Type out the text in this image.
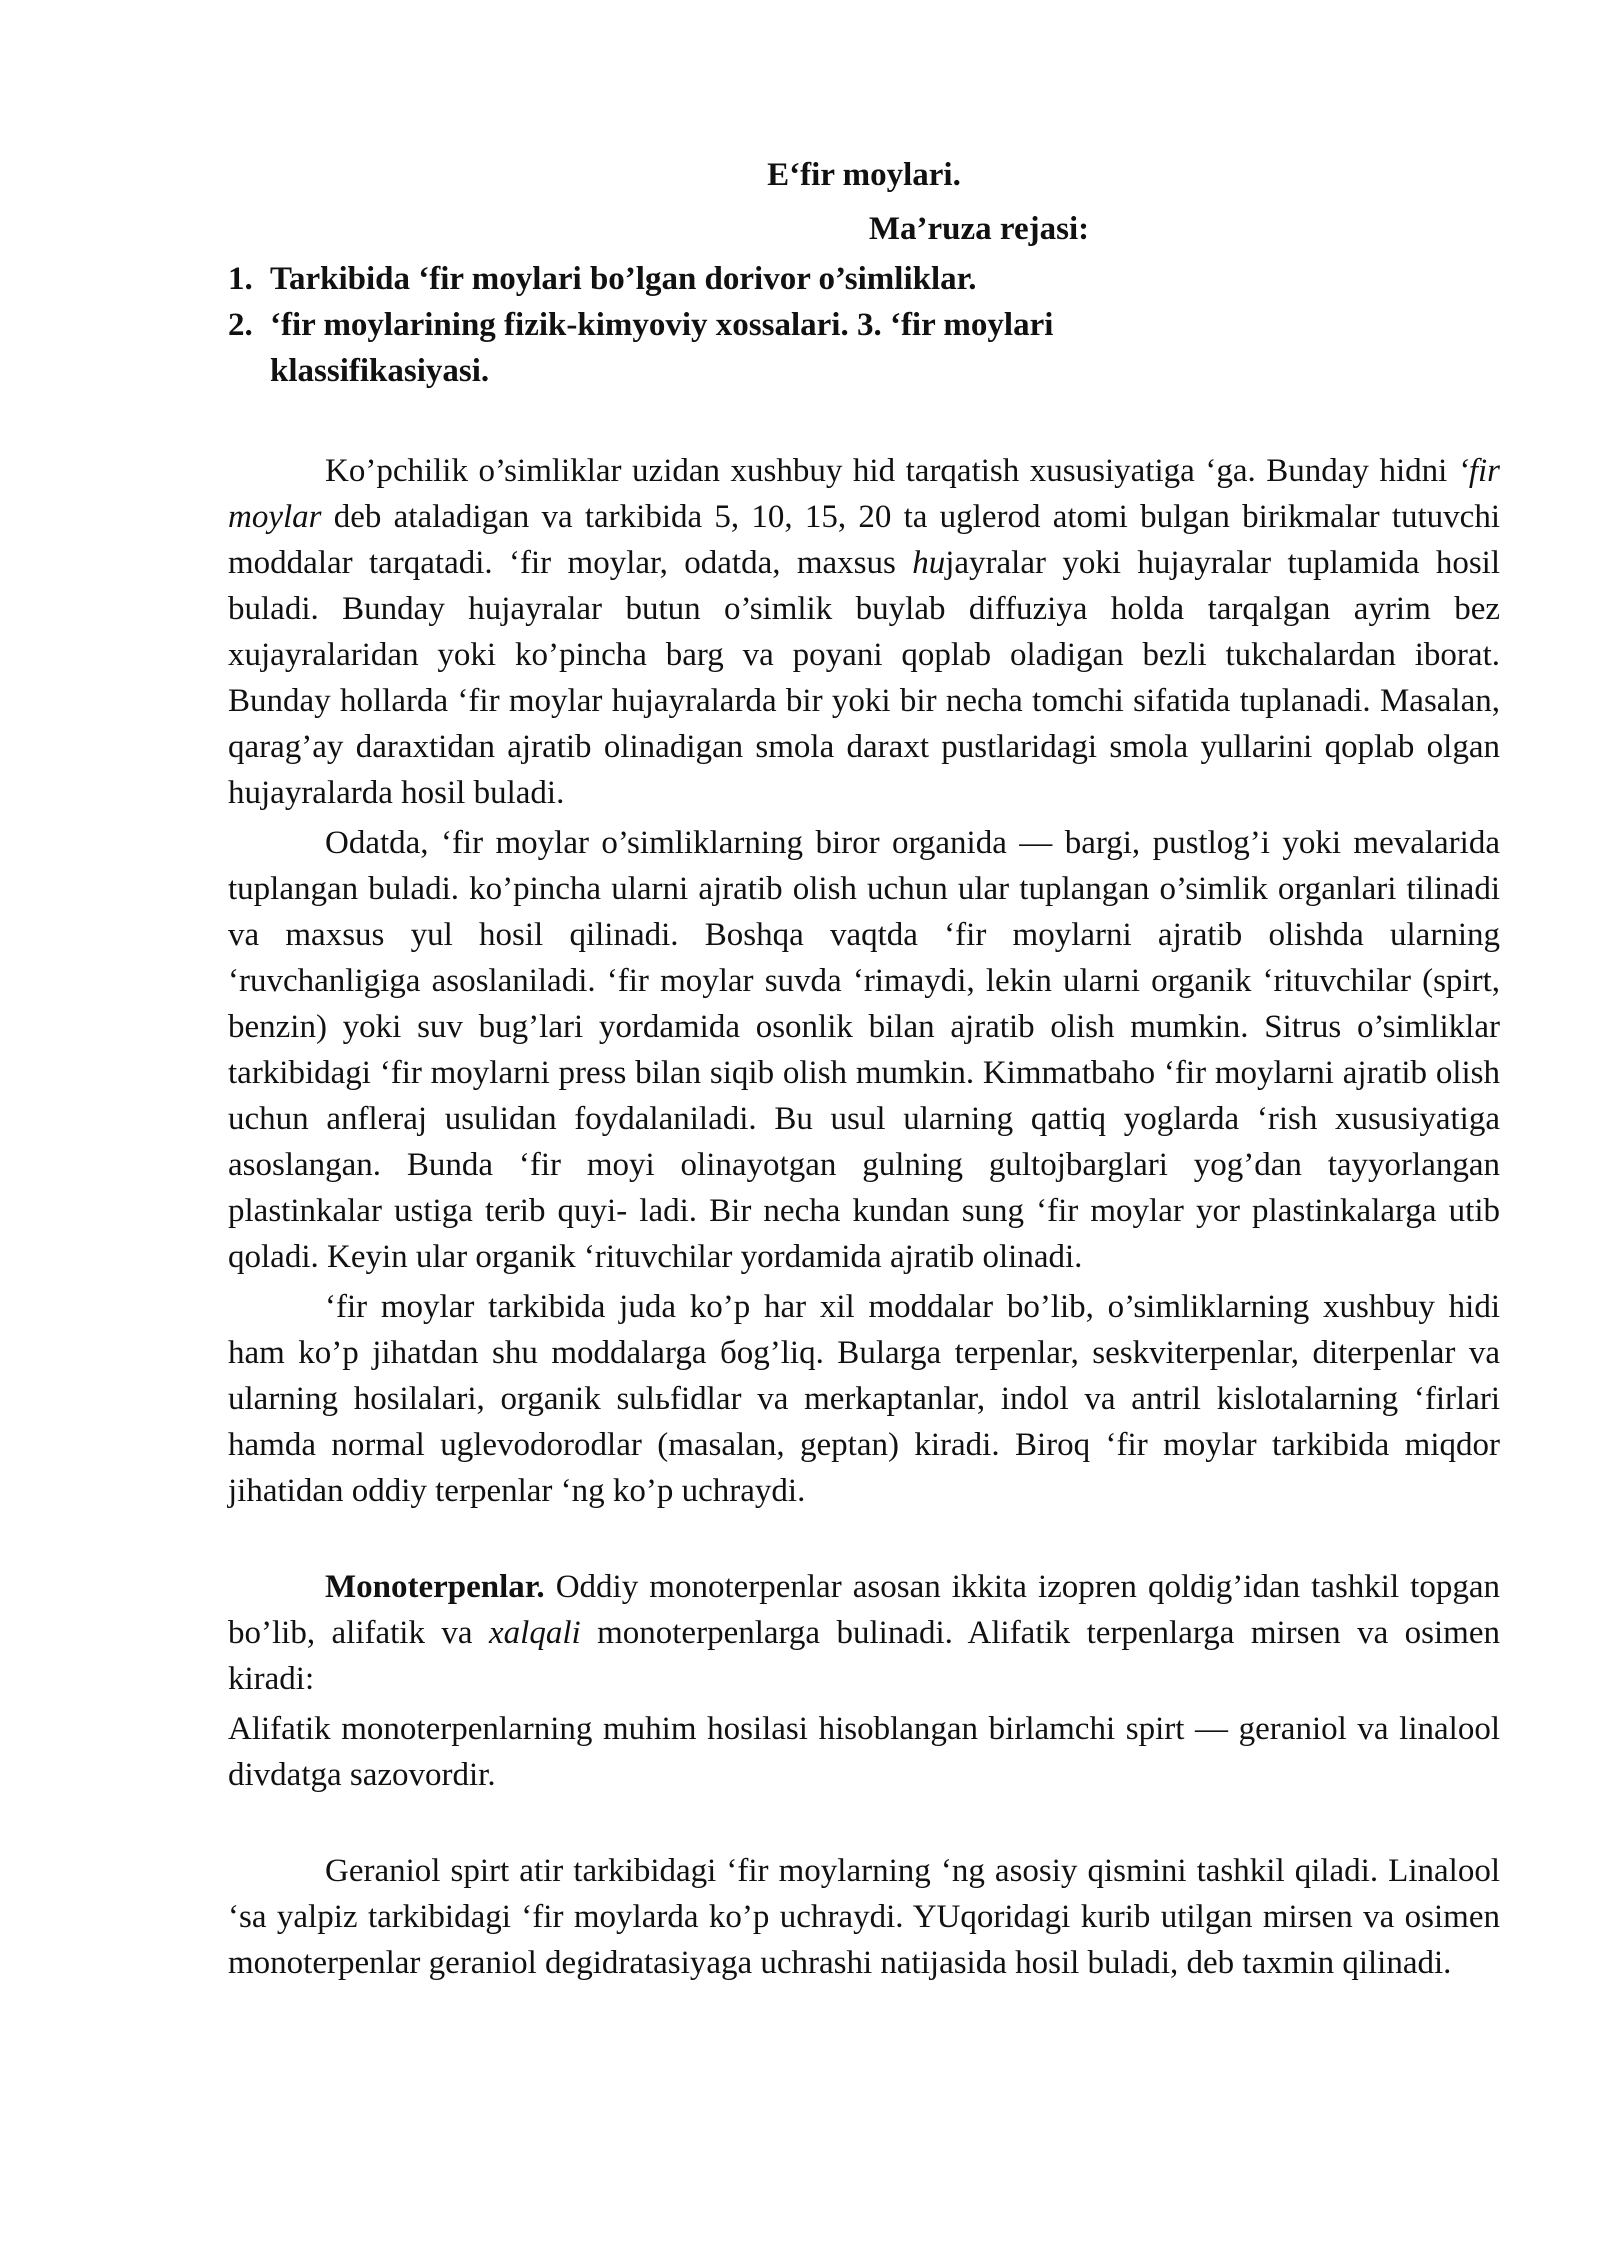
E‘fir moylari.
Ma’ruza rejasi:
1. Tarkibida ‘fir moylari bo’lgan dorivor o’simliklar.
2. ‘fir moylarining fizik-kimyoviy xossalari. 3. ‘fir moylari klassifikasiyasi.

Ko’pchilik o’simliklar uzidan xushbuy hid tarqatish xususiyatiga ‘ga. Bunday hidni ‘fir moylar deb ataladigan va tarkibida 5, 10, 15, 20 ta uglerod atomi bulgan birikmalar tutuvchi moddalar tarqatadi. ‘fir moylar, odatda, maxsus hujayralar yoki hujayralar tuplamida hosil buladi. Bunday hujayralar butun o’simlik buylab diffuziya holda tarqalgan ayrim bez xujayralaridan yoki ko’pincha barg va poyani qoplab oladigan bezli tukchalardan iborat. Bunday hollarda ‘fir moylar hujayralarda bir yoki bir necha tomchi sifatida tuplanadi. Masalan, qarag’ay daraxtidan ajratib olinadigan smola daraxt pustlaridagi smola yullarini qoplab olgan hujayralarda hosil buladi.

Odatda, ‘fir moylar o’simliklarning biror organida — bargi, pustlog’i yoki mevalarida tuplangan buladi. ko’pincha ularni ajratib olish uchun ular tuplangan o’simlik organlari tilinadi va maxsus yul hosil qilinadi. Boshqa vaqtda ‘fir moylarni ajratib olishda ularning ‘ruvchanligiga asoslaniladi. ‘fir moylar suvda ‘rimaydi, lekin ularni organik ‘rituvchilar (spirt, benzin) yoki suv bug’lari yordamida osonlik bilan ajratib olish mumkin. Sitrus o’simliklar tarkibidagi ‘fir moylarni press bilan siqib olish mumkin. Kimmatbaho ‘fir moylarni ajratib olish uchun anfleraj usulidan foydalaniladi. Bu usul ularning qattiq yoglarda ‘rish xususiyatiga asoslangan. Bunda ‘fir moyi olinayotgan gulning gultojbarglari yog’dan tayyorlangan plastinkalar ustiga terib quyi- ladi. Bir necha kundan sung ‘fir moylar yor plastinkalarga utib qoladi. Keyin ular organik ‘rituvchilar yordamida ajratib olinadi.

‘fir moylar tarkibida juda ko’p har xil moddalar bo’lib, o’simliklarning xushbuy hidi ham ko’p jihatdan shu moddalarga бog’liq. Bularga terpenlar, seskviterpenlar, diterpenlar va ularning hosilalari, organik sulьfidlar va merkaptanlar, indol va antril kislotalarning ‘firlari hamda normal uglevodorodlar (masalan, geptan) kiradi. Biroq ‘fir moylar tarkibida miqdor jihatidan oddiy terpenlar ‘ng ko’p uchraydi.

Monoterpenlar. Oddiy monoterpenlar asosan ikkita izopren qoldig’idan tashkil topgan bo’lib, alifatik va xalqali monoterpenlarga bulinadi. Alifatik terpenlarga mirsen va osimen kiradi:

Alifatik monoterpenlarning muhim hosilasi hisoblangan birlamchi spirt — geraniol va linalool divdatga sazovordir.

Geraniol spirt atir tarkibidagi ‘fir moylarning ‘ng asosiy qismini tashkil qiladi. Linalool ‘sa yalpiz tarkibidagi ‘fir moylarda ko’p uchraydi. YUqoridagi kurib utilgan mirsen va osimen monoterpenlar geraniol degidratasiyaga uchrashi natijasida hosil buladi, deb taxmin qilinadi.
